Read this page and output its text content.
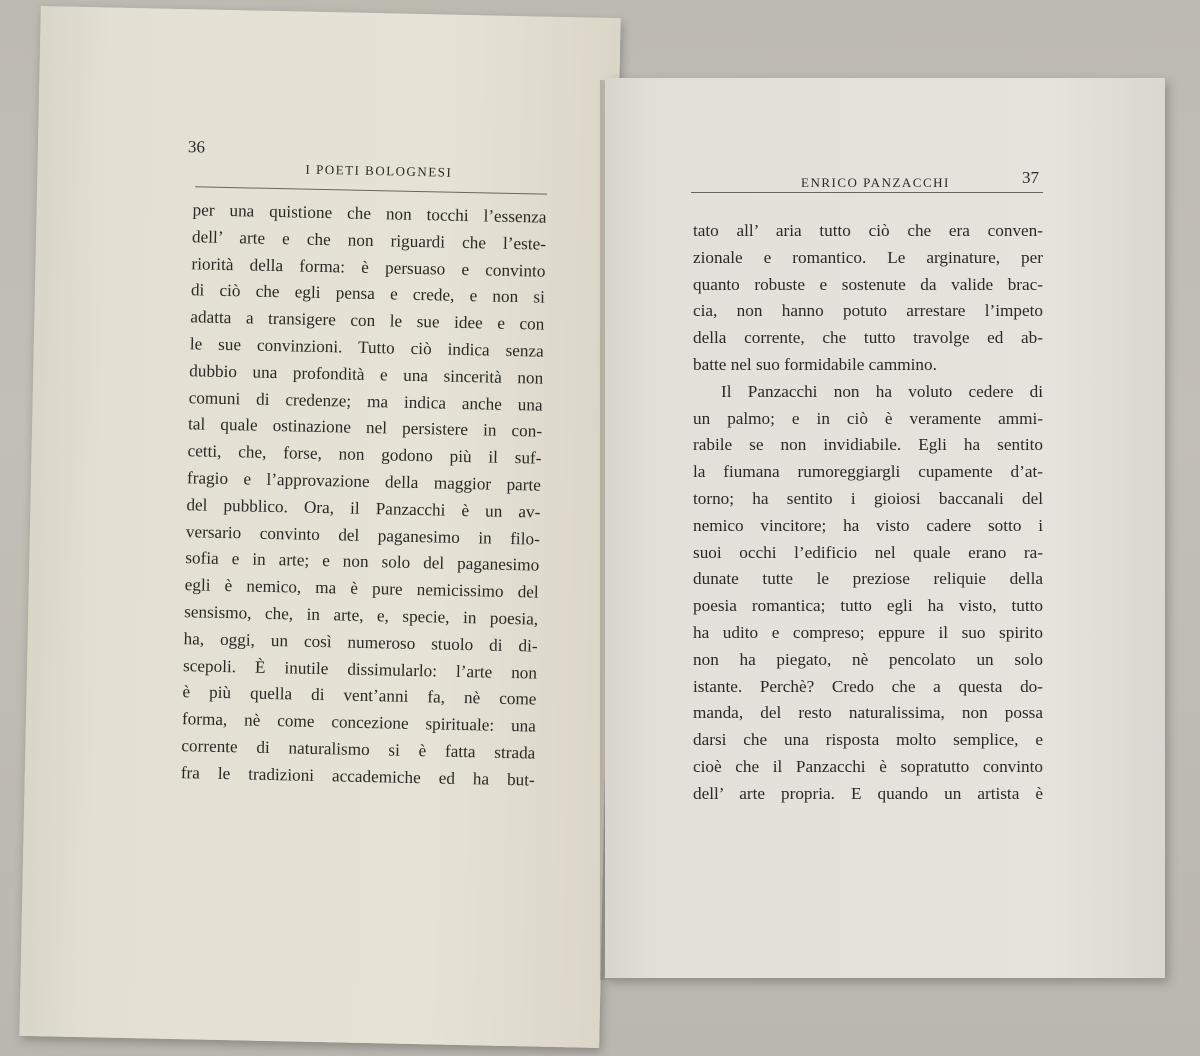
36
I POETI BOLOGNESI
per una quistione che non tocchi l’essenza
dell’ arte e che non riguardi che l’este-
riorità della forma: è persuaso e convinto
di ciò che egli pensa e crede, e non si
adatta a transigere con le sue idee e con
le sue convinzioni. Tutto ciò indica senza
dubbio una profondità e una sincerità non
comuni di credenze; ma indica anche una
tal quale ostinazione nel persistere in con-
cetti, che, forse, non godono più il suf-
fragio e l’approvazione della maggior parte
del pubblico. Ora, il Panzacchi è un av-
versario convinto del paganesimo in filo-
sofia e in arte; e non solo del paganesimo
egli è nemico, ma è pure nemicissimo del
sensismo, che, in arte, e, specie, in poesia,
ha, oggi, un così numeroso stuolo di di-
scepoli. È inutile dissimularlo: l’arte non
è più quella di vent’anni fa, nè come
forma, nè come concezione spirituale: una
corrente di naturalismo si è fatta strada
fra le tradizioni accademiche ed ha but-
ENRICO PANZACCHI	37
tato all’ aria tutto ciò che era conven-
zionale e romantico. Le arginature, per
quanto robuste e sostenute da valide brac-
cia, non hanno potuto arrestare l’impeto
della corrente, che tutto travolge ed ab-
batte nel suo formidabile cammino.
Il Panzacchi non ha voluto cedere di
un palmo; e in ciò è veramente ammi-
rabile se non invidiabile. Egli ha sentito
la fiumana rumoreggiargli cupamente d’at-
torno; ha sentito i gioiosi baccanali del
nemico vincitore; ha visto cadere sotto i
suoi occhi l’edificio nel quale erano ra-
dunate tutte le preziose reliquie della
poesia romantica; tutto egli ha visto, tutto
ha udito e compreso; eppure il suo spirito
non ha piegato, nè pencolato un solo
istante. Perchè? Credo che a questa do-
manda, del resto naturalissima, non possa
darsi che una risposta molto semplice, e
cioè che il Panzacchi è sopratutto convinto
dell’ arte propria. E quando un artista è
